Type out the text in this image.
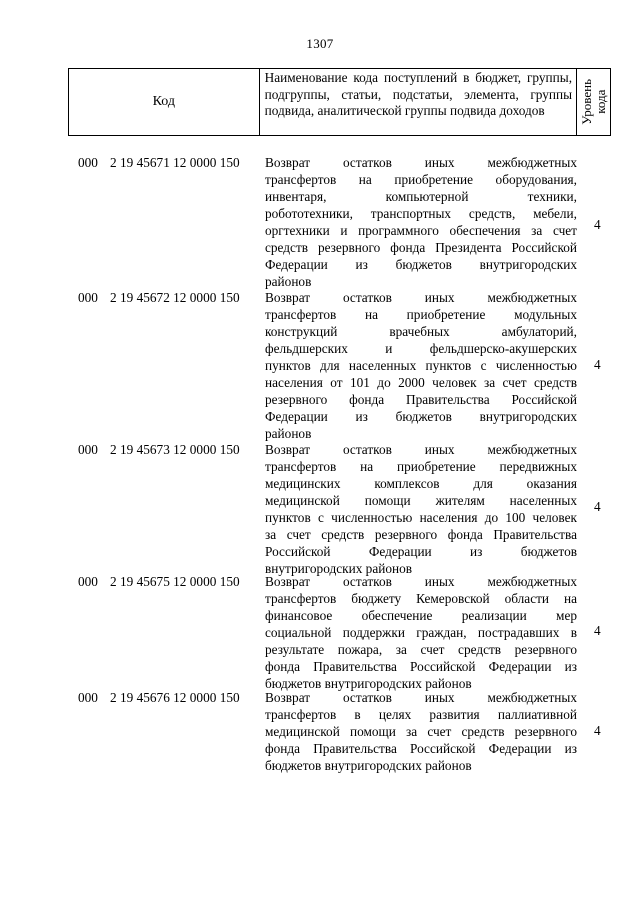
1307
Код
Наименование кода поступлений в бюджет, группы, подгруппы, статьи, подстатьи, элемента, группы подвида, аналитической группы подвида доходов	Уровень
кода
000 2 19 45671 12 0000 150 Возврат остатков иных межбюджетных
трансфертов на приобретение оборудования,
инвентаря, компьютерной техники,
робототехники, транспортных средств, мебели,
оргтехники и программного обеспечения за счет
средств резервного фонда Президента Российской
Федерации из бюджетов внутригородских
районов
4
000 2 19 45672 12 0000 150 Возврат остатков иных межбюджетных
трансфертов на приобретение модульных
конструкций врачебных амбулаторий,
фельдшерских и фельдшерско-акушерских
пунктов для населенных пунктов с численностью
населения от 101 до 2000 человек за счет средств
резервного фонда Правительства Российской
Федерации из бюджетов внутригородских
районов
4
000 2 19 45673 12 0000 150 Возврат остатков иных межбюджетных
трансфертов на приобретение передвижных
медицинских комплексов для оказания
медицинской помощи жителям населенных
пунктов с численностью населения до 100 человек
за счет средств резервного фонда Правительства
Российской Федерации из бюджетов
внутригородских районов
4
000 2 19 45675 12 0000 150 Возврат остатков иных межбюджетных
трансфертов бюджету Кемеровской области на
финансовое обеспечение реализации мер
социальной поддержки граждан, пострадавших в
результате пожара, за счет средств резервного
фонда Правительства Российской Федерации из
бюджетов внутригородских районов
4
000 2 19 45676 12 0000 150 Возврат остатков иных межбюджетных
трансфертов в целях развития паллиативной
медицинской помощи за счет средств резервного
фонда Правительства Российской Федерации из
бюджетов внутригородских районов
4
